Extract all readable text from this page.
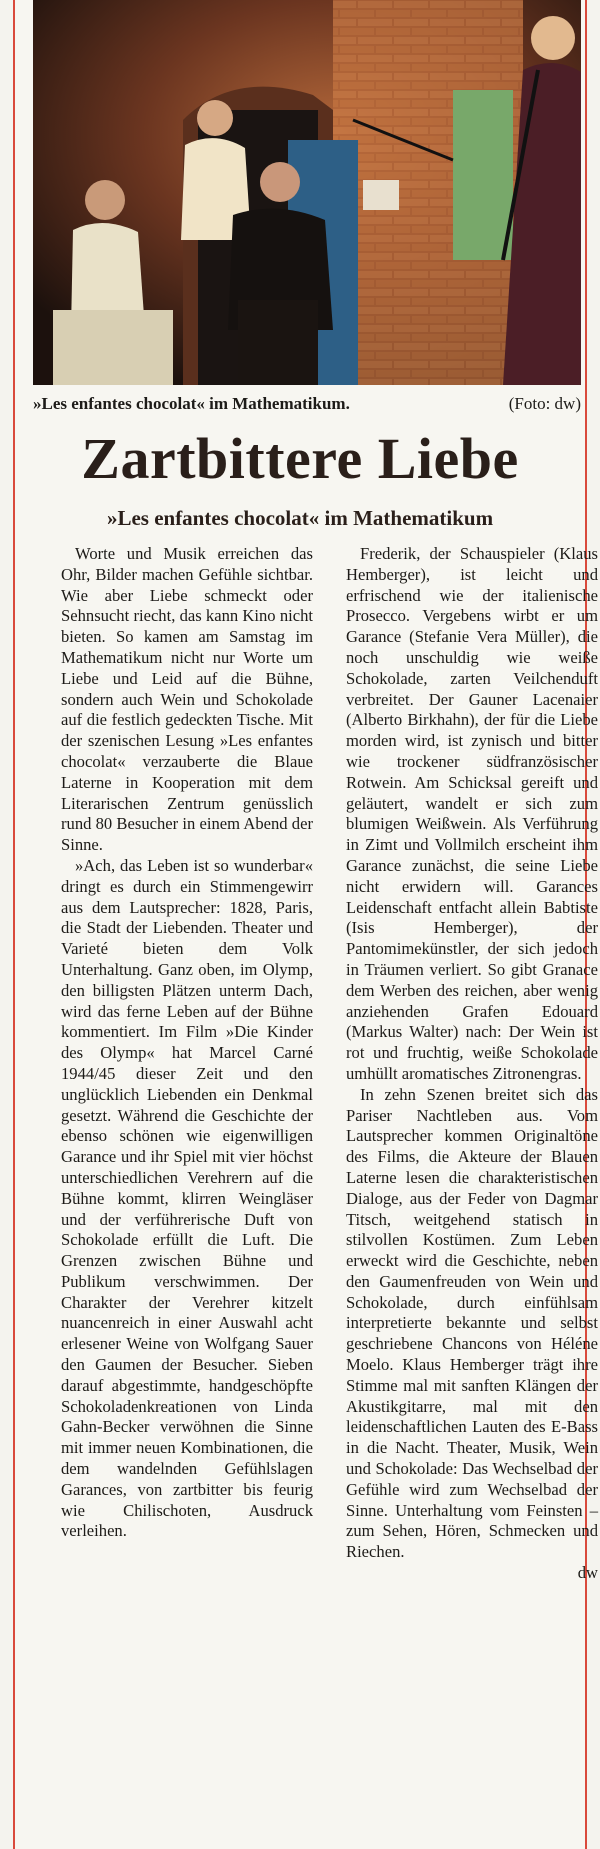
»Les enfantes chocolat« im Mathematikum.	(Foto: dw)
Zartbittere Liebe
»Les enfantes chocolat« im Mathematikum

Worte und Musik erreichen das Ohr, Bilder machen Gefühle sichtbar. Wie aber Liebe schmeckt oder Sehnsucht riecht, das kann Kino nicht bieten. So kamen am Samstag im Mathematikum nicht nur Worte um Liebe und Leid auf die Bühne, sondern auch Wein und Schokolade auf die festlich gedeckten Tische. Mit der szenischen Lesung »Les enfantes chocolat« verzauberte die Blaue Laterne in Kooperation mit dem Literarischen Zentrum genüsslich rund 80 Besucher in einem Abend der Sinne.

»Ach, das Leben ist so wunderbar« dringt es durch ein Stimmengewirr aus dem Lautsprecher: 1828, Paris, die Stadt der Liebenden. Theater und Varieté bieten dem Volk Unterhaltung. Ganz oben, im Olymp, den billigsten Plätzen unterm Dach, wird das ferne Leben auf der Bühne kommentiert. Im Film »Die Kinder des Olymp« hat Marcel Carné 1944/45 dieser Zeit und den unglücklich Liebenden ein Denkmal gesetzt. Während die Geschichte der ebenso schönen wie eigenwilligen Garance und ihr Spiel mit vier höchst unterschiedlichen Verehrern auf die Bühne kommt, klirren Weingläser und der verführerische Duft von Schokolade erfüllt die Luft. Die Grenzen zwischen Bühne und Publikum verschwimmen. Der Charakter der Verehrer kitzelt nuancenreich in einer Auswahl acht erlesener Weine von Wolfgang Sauer den Gaumen der Besucher. Sieben darauf abgestimmte, handgeschöpfte Schokoladenkreationen von Linda Gahn-Becker verwöhnen die Sinne mit immer neuen Kombinationen, die dem wandelnden Gefühlslagen Garances, von zartbitter bis feurig wie Chilischoten, Ausdruck verleihen.

Frederik, der Schauspieler (Klaus Hemberger), ist leicht und erfrischend wie der italienische Prosecco. Vergebens wirbt er um Garance (Stefanie Vera Müller), die noch unschuldig wie weiße Schokolade, zarten Veilchenduft verbreitet. Der Gauner Lacenaier (Alberto Birkhahn), der für die Liebe morden wird, ist zynisch und bitter wie trockener südfranzösischer Rotwein. Am Schicksal gereift und geläutert, wandelt er sich zum blumigen Weißwein. Als Verführung in Zimt und Vollmilch erscheint ihm Garance zunächst, die seine Liebe nicht erwidern will. Garances Leidenschaft entfacht allein Babtiste (Isis Hemberger), der Pantomimekünstler, der sich jedoch in Träumen verliert. So gibt Granace dem Werben des reichen, aber wenig anziehenden Grafen Edouard (Markus Walter) nach: Der Wein ist rot und fruchtig, weiße Schokolade umhüllt aromatisches Zitronengras.

In zehn Szenen breitet sich das Pariser Nachtleben aus. Vom Lautsprecher kommen Originaltöne des Films, die Akteure der Blauen Laterne lesen die charakteristischen Dialoge, aus der Feder von Dagmar Titsch, weitgehend statisch in stilvollen Kostümen. Zum Leben erweckt wird die Geschichte, neben den Gaumenfreuden von Wein und Schokolade, durch einfühlsam interpretierte bekannte und selbst geschriebene Chancons von Héléne Moelo. Klaus Hemberger trägt ihre Stimme mal mit sanften Klängen der Akustikgitarre, mal mit den leidenschaftlichen Lauten des E-Bass in die Nacht. Theater, Musik, Wein und Schokolade: Das Wechselbad der Gefühle wird zum Wechselbad der Sinne. Unterhaltung vom Feinsten – zum Sehen, Hören, Schmecken und Riechen.

dw
